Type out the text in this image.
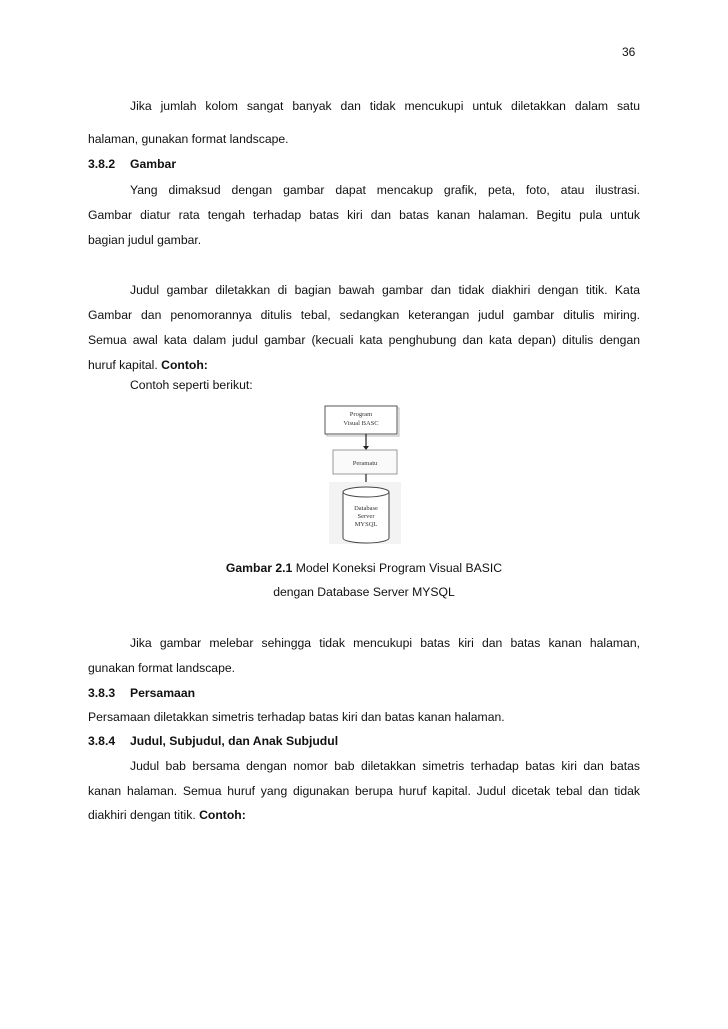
36
Jika jumlah kolom sangat banyak dan tidak mencukupi untuk diletakkan dalam satu
halaman, gunakan format landscape.
3.8.2 Gambar
Yang dimaksud dengan gambar dapat mencakup grafik, peta, foto, atau ilustrasi.
Gambar diatur rata tengah terhadap batas kiri dan batas kanan halaman. Begitu pula untuk
bagian judul gambar.
Judul gambar diletakkan di bagian bawah gambar dan tidak diakhiri dengan titik. Kata
Gambar dan penomorannya ditulis tebal, sedangkan keterangan judul gambar ditulis miring.
Semua awal kata dalam judul gambar (kecuali kata penghubung dan kata depan) ditulis dengan
huruf kapital. Contoh:
Contoh seperti berikut:
Program
Visual BASC
Peramatu
Database
Server
MYSQL
Gambar 2.1 Model Koneksi Program Visual BASIC
dengan Database Server MYSQL
Jika gambar melebar sehingga tidak mencukupi batas kiri dan batas kanan halaman,
gunakan format landscape.
3.8.3 Persamaan
Persamaan diletakkan simetris terhadap batas kiri dan batas kanan halaman.
3.8.4 Judul, Subjudul, dan Anak Subjudul
Judul bab bersama dengan nomor bab diletakkan simetris terhadap batas kiri dan batas
kanan halaman. Semua huruf yang digunakan berupa huruf kapital. Judul dicetak tebal dan tidak
diakhiri dengan titik. Contoh:
